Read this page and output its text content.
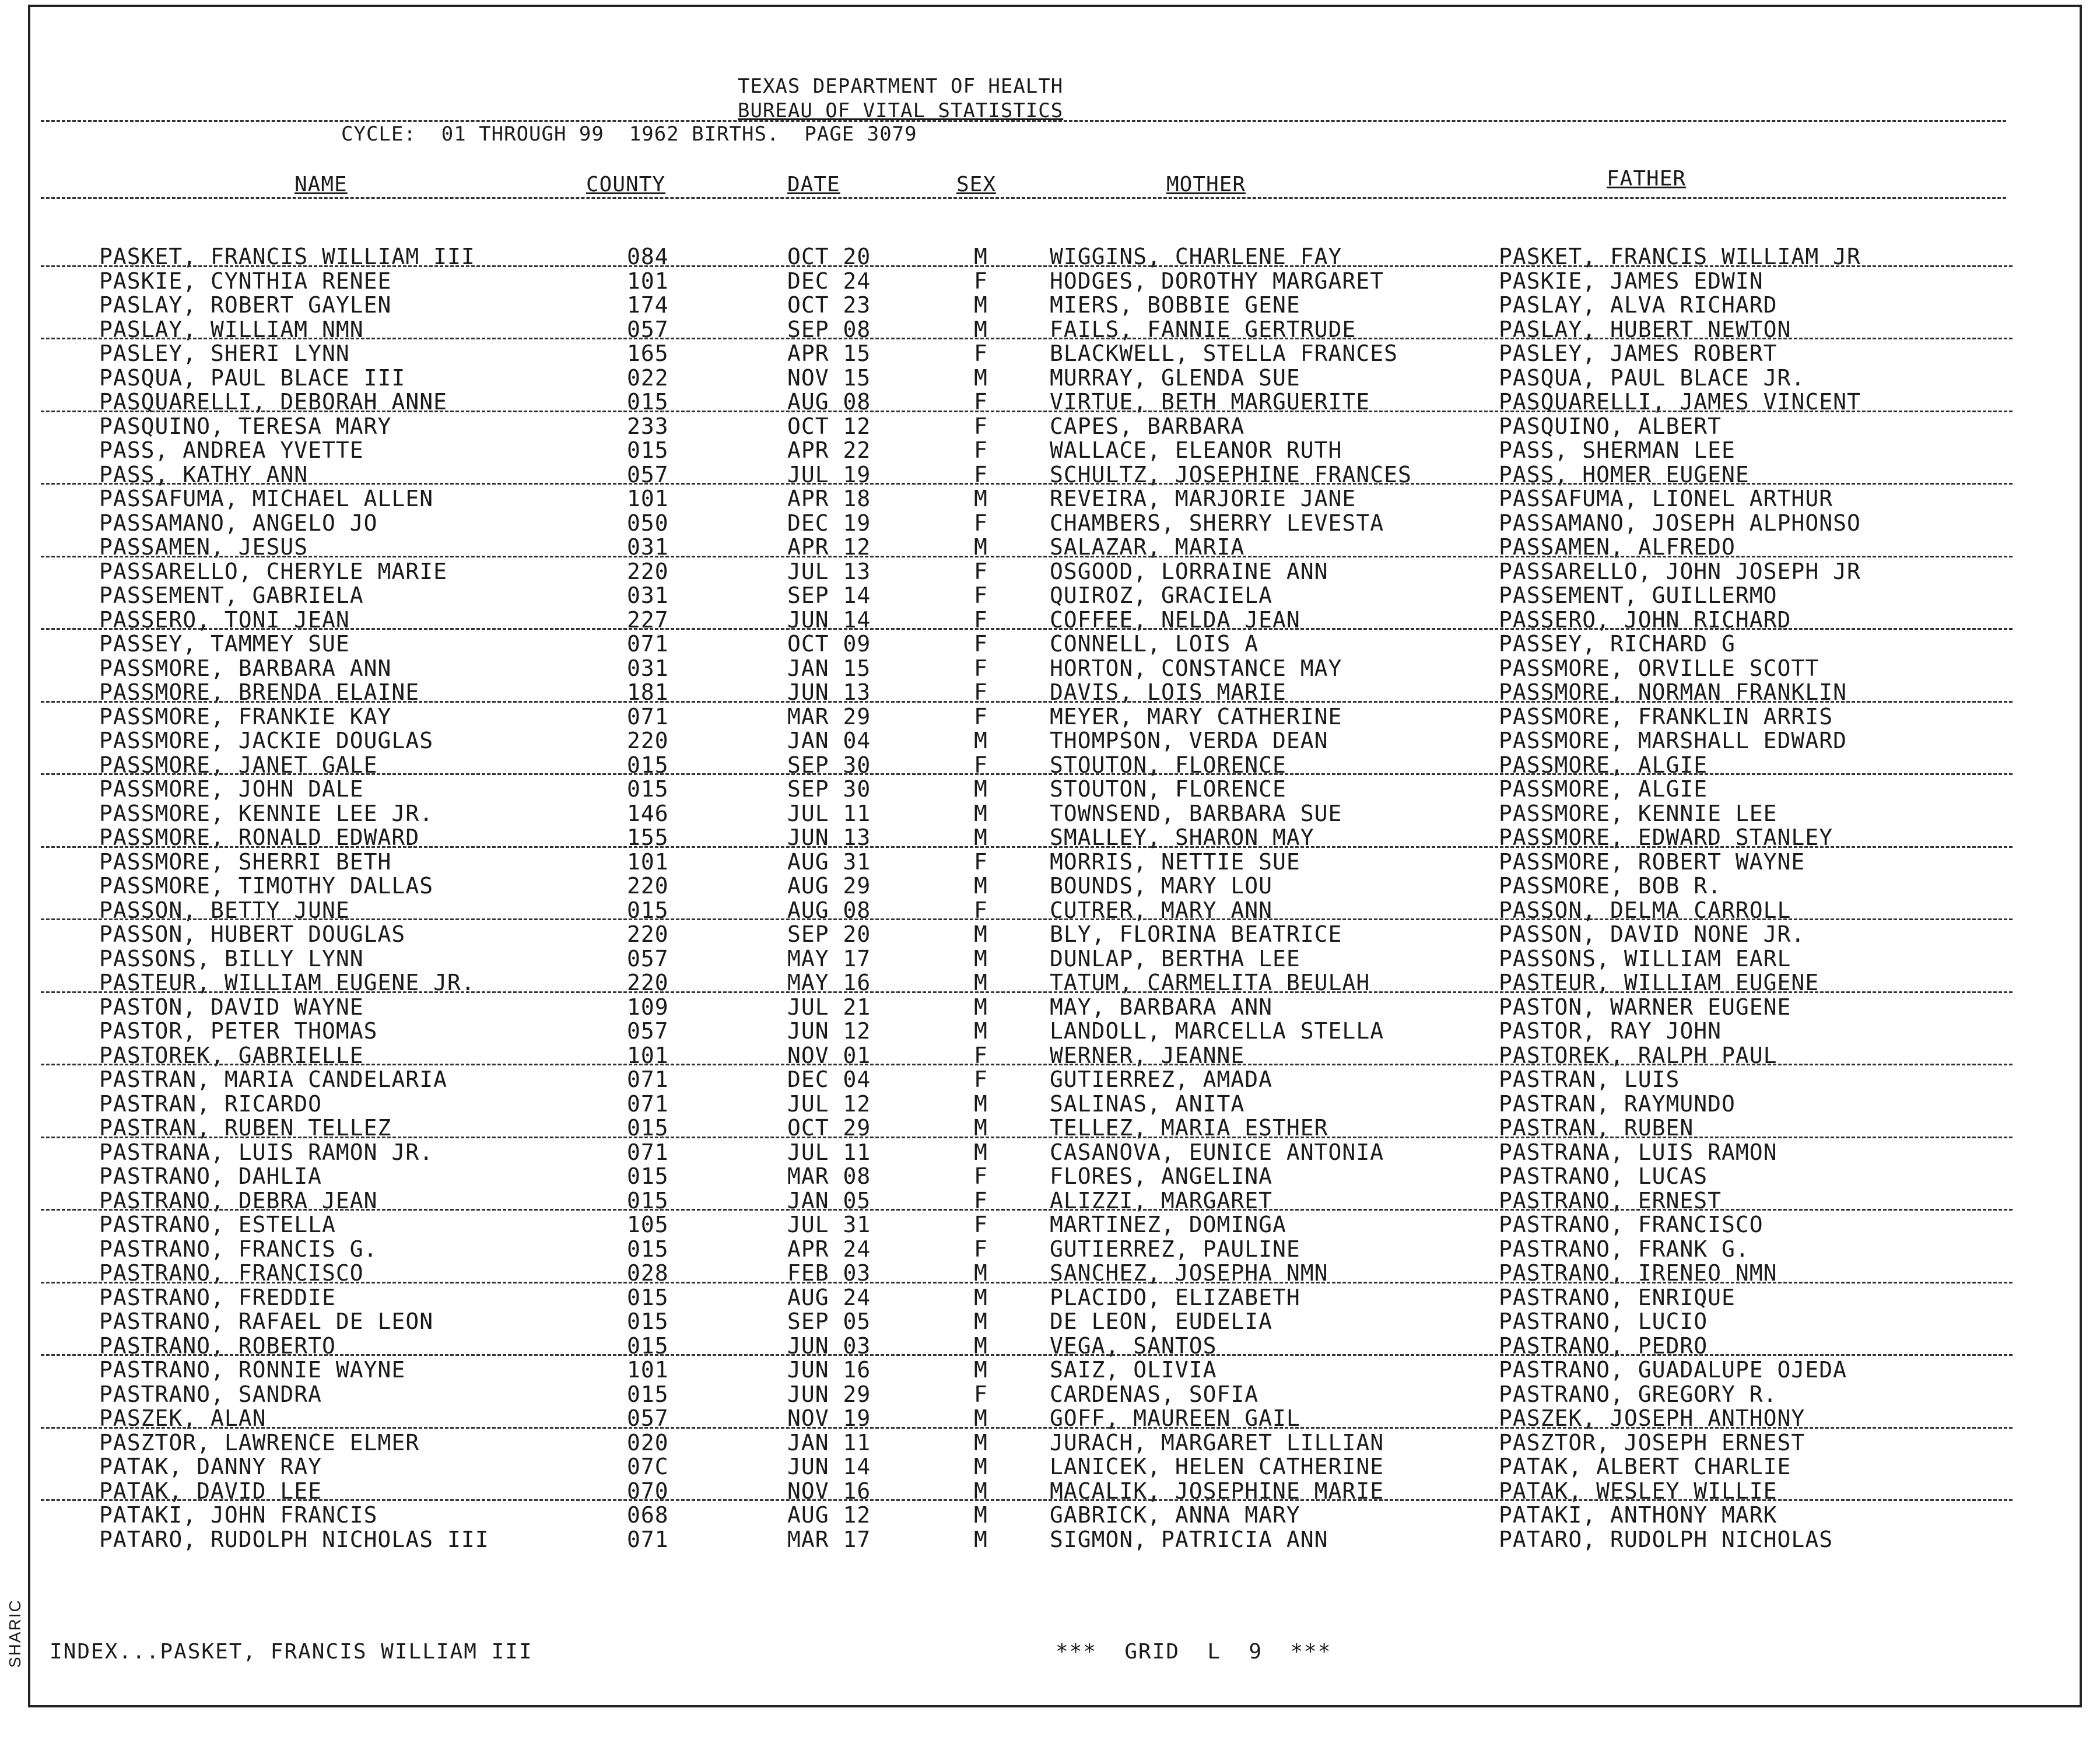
SHARIC
TEXAS DEPARTMENT OF HEALTH
BUREAU OF VITAL STATISTICS
CYCLE:  01 THROUGH 99  1962 BIRTHS.  PAGE 3079
NAME	COUNTY	DATE	SEX	MOTHER	FATHER
PASKET, FRANCIS WILLIAM III	084	OCT 20	M	WIGGINS, CHARLENE FAY	PASKET, FRANCIS WILLIAM JR
PASKIE, CYNTHIA RENEE	101	DEC 24	F	HODGES, DOROTHY MARGARET	PASKIE, JAMES EDWIN
PASLAY, ROBERT GAYLEN	174	OCT 23	M	MIERS, BOBBIE GENE	PASLAY, ALVA RICHARD
PASLAY, WILLIAM NMN	057	SEP 08	M	FAILS, FANNIE GERTRUDE	PASLAY, HUBERT NEWTON
PASLEY, SHERI LYNN	165	APR 15	F	BLACKWELL, STELLA FRANCES	PASLEY, JAMES ROBERT
PASQUA, PAUL BLACE III	022	NOV 15	M	MURRAY, GLENDA SUE	PASQUA, PAUL BLACE JR.
PASQUARELLI, DEBORAH ANNE	015	AUG 08	F	VIRTUE, BETH MARGUERITE	PASQUARELLI, JAMES VINCENT
PASQUINO, TERESA MARY	233	OCT 12	F	CAPES, BARBARA	PASQUINO, ALBERT
PASS, ANDREA YVETTE	015	APR 22	F	WALLACE, ELEANOR RUTH	PASS, SHERMAN LEE
PASS, KATHY ANN	057	JUL 19	F	SCHULTZ, JOSEPHINE FRANCES	PASS, HOMER EUGENE
PASSAFUMA, MICHAEL ALLEN	101	APR 18	M	REVEIRA, MARJORIE JANE	PASSAFUMA, LIONEL ARTHUR
PASSAMANO, ANGELO JO	050	DEC 19	F	CHAMBERS, SHERRY LEVESTA	PASSAMANO, JOSEPH ALPHONSO
PASSAMEN, JESUS	031	APR 12	M	SALAZAR, MARIA	PASSAMEN, ALFREDO
PASSARELLO, CHERYLE MARIE	220	JUL 13	F	OSGOOD, LORRAINE ANN	PASSARELLO, JOHN JOSEPH JR
PASSEMENT, GABRIELA	031	SEP 14	F	QUIROZ, GRACIELA	PASSEMENT, GUILLERMO
PASSERO, TONI JEAN	227	JUN 14	F	COFFEE, NELDA JEAN	PASSERO, JOHN RICHARD
PASSEY, TAMMEY SUE	071	OCT 09	F	CONNELL, LOIS A	PASSEY, RICHARD G
PASSMORE, BARBARA ANN	031	JAN 15	F	HORTON, CONSTANCE MAY	PASSMORE, ORVILLE SCOTT
PASSMORE, BRENDA ELAINE	181	JUN 13	F	DAVIS, LOIS MARIE	PASSMORE, NORMAN FRANKLIN
PASSMORE, FRANKIE KAY	071	MAR 29	F	MEYER, MARY CATHERINE	PASSMORE, FRANKLIN ARRIS
PASSMORE, JACKIE DOUGLAS	220	JAN 04	M	THOMPSON, VERDA DEAN	PASSMORE, MARSHALL EDWARD
PASSMORE, JANET GALE	015	SEP 30	F	STOUTON, FLORENCE	PASSMORE, ALGIE
PASSMORE, JOHN DALE	015	SEP 30	M	STOUTON, FLORENCE	PASSMORE, ALGIE
PASSMORE, KENNIE LEE JR.	146	JUL 11	M	TOWNSEND, BARBARA SUE	PASSMORE, KENNIE LEE
PASSMORE, RONALD EDWARD	155	JUN 13	M	SMALLEY, SHARON MAY	PASSMORE, EDWARD STANLEY
PASSMORE, SHERRI BETH	101	AUG 31	F	MORRIS, NETTIE SUE	PASSMORE, ROBERT WAYNE
PASSMORE, TIMOTHY DALLAS	220	AUG 29	M	BOUNDS, MARY LOU	PASSMORE, BOB R.
PASSON, BETTY JUNE	015	AUG 08	F	CUTRER, MARY ANN	PASSON, DELMA CARROLL
PASSON, HUBERT DOUGLAS	220	SEP 20	M	BLY, FLORINA BEATRICE	PASSON, DAVID NONE JR.
PASSONS, BILLY LYNN	057	MAY 17	M	DUNLAP, BERTHA LEE	PASSONS, WILLIAM EARL
PASTEUR, WILLIAM EUGENE JR.	220	MAY 16	M	TATUM, CARMELITA BEULAH	PASTEUR, WILLIAM EUGENE
PASTON, DAVID WAYNE	109	JUL 21	M	MAY, BARBARA ANN	PASTON, WARNER EUGENE
PASTOR, PETER THOMAS	057	JUN 12	M	LANDOLL, MARCELLA STELLA	PASTOR, RAY JOHN
PASTOREK, GABRIELLE	101	NOV 01	F	WERNER, JEANNE	PASTOREK, RALPH PAUL
PASTRAN, MARIA CANDELARIA	071	DEC 04	F	GUTIERREZ, AMADA	PASTRAN, LUIS
PASTRAN, RICARDO	071	JUL 12	M	SALINAS, ANITA	PASTRAN, RAYMUNDO
PASTRAN, RUBEN TELLEZ	015	OCT 29	M	TELLEZ, MARIA ESTHER	PASTRAN, RUBEN
PASTRANA, LUIS RAMON JR.	071	JUL 11	M	CASANOVA, EUNICE ANTONIA	PASTRANA, LUIS RAMON
PASTRANO, DAHLIA	015	MAR 08	F	FLORES, ANGELINA	PASTRANO, LUCAS
PASTRANO, DEBRA JEAN	015	JAN 05	F	ALIZZI, MARGARET	PASTRANO, ERNEST
PASTRANO, ESTELLA	105	JUL 31	F	MARTINEZ, DOMINGA	PASTRANO, FRANCISCO
PASTRANO, FRANCIS G.	015	APR 24	F	GUTIERREZ, PAULINE	PASTRANO, FRANK G.
PASTRANO, FRANCISCO	028	FEB 03	M	SANCHEZ, JOSEPHA NMN	PASTRANO, IRENEO NMN
PASTRANO, FREDDIE	015	AUG 24	M	PLACIDO, ELIZABETH	PASTRANO, ENRIQUE
PASTRANO, RAFAEL DE LEON	015	SEP 05	M	DE LEON, EUDELIA	PASTRANO, LUCIO
PASTRANO, ROBERTO	015	JUN 03	M	VEGA, SANTOS	PASTRANO, PEDRO
PASTRANO, RONNIE WAYNE	101	JUN 16	M	SAIZ, OLIVIA	PASTRANO, GUADALUPE OJEDA
PASTRANO, SANDRA	015	JUN 29	F	CARDENAS, SOFIA	PASTRANO, GREGORY R.
PASZEK, ALAN	057	NOV 19	M	GOFF, MAUREEN GAIL	PASZEK, JOSEPH ANTHONY
PASZTOR, LAWRENCE ELMER	020	JAN 11	M	JURACH, MARGARET LILLIAN	PASZTOR, JOSEPH ERNEST
PATAK, DANNY RAY	07C	JUN 14	M	LANICEK, HELEN CATHERINE	PATAK, ALBERT CHARLIE
PATAK, DAVID LEE	070	NOV 16	M	MACALIK, JOSEPHINE MARIE	PATAK, WESLEY WILLIE
PATAKI, JOHN FRANCIS	068	AUG 12	M	GABRICK, ANNA MARY	PATAKI, ANTHONY MARK
PATARO, RUDOLPH NICHOLAS III	071	MAR 17	M	SIGMON, PATRICIA ANN	PATARO, RUDOLPH NICHOLAS
INDEX...PASKET, FRANCIS WILLIAM III	***  GRID  L  9  ***
